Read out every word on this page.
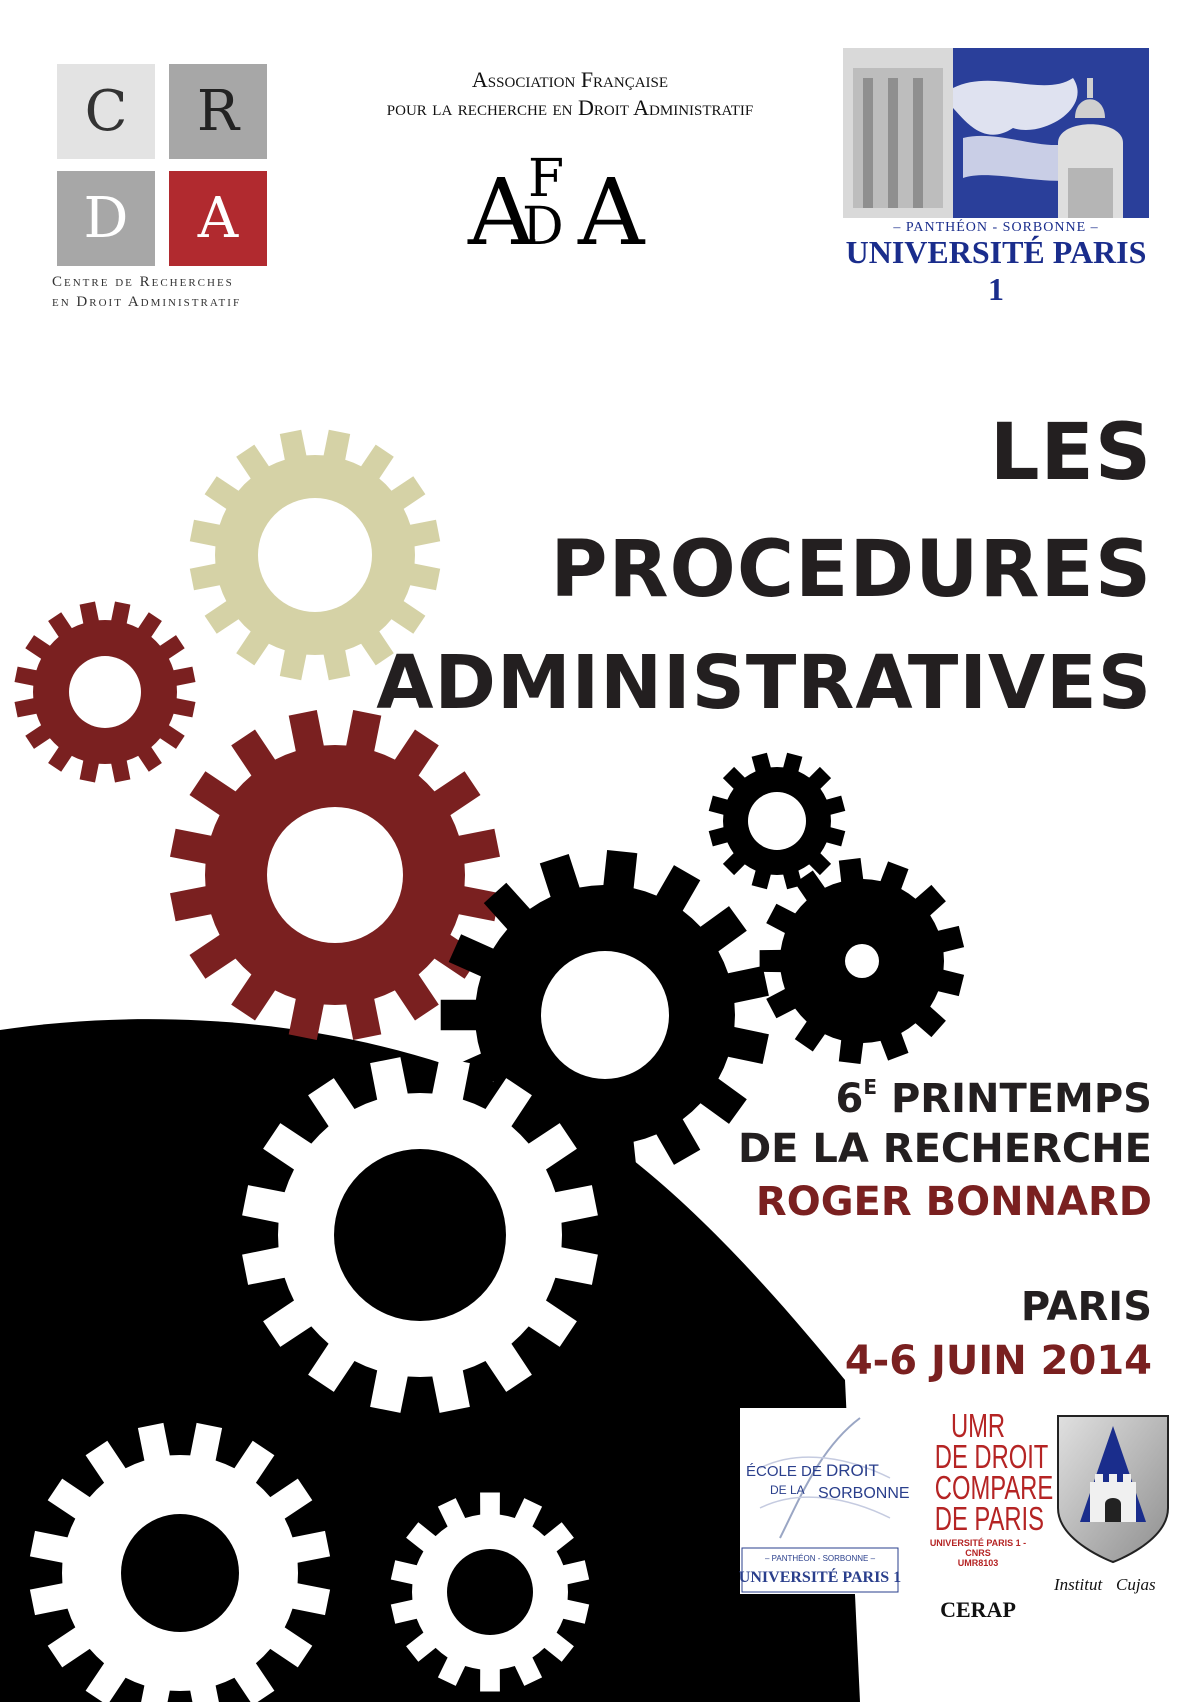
C	R
D	A
Centre de Recherches
en Droit Administratif
Association Française
pour la recherche en Droit Administratif
A
F
D A	– PANTHÉON - SORBONNE –
UNIVERSITÉ PARIS 1
LES
PROCEDURES
ADMINISTRATIVES
$6^E$ PRINTEMPS
DE LA RECHERCHE
ROGER BONNARD
PARIS
4-6 JUIN 2014
ÉCOLE DE DROIT
DE LA SORBONNE
– PANTHÉON - SORBONNE –
UNIVERSITÉ PARIS 1
UMR
DE DROIT
COMPARE
DE PARIS
UNIVERSITÉ PARIS 1 - CNRS
UMR8103
CERAP
Institut Cujas
